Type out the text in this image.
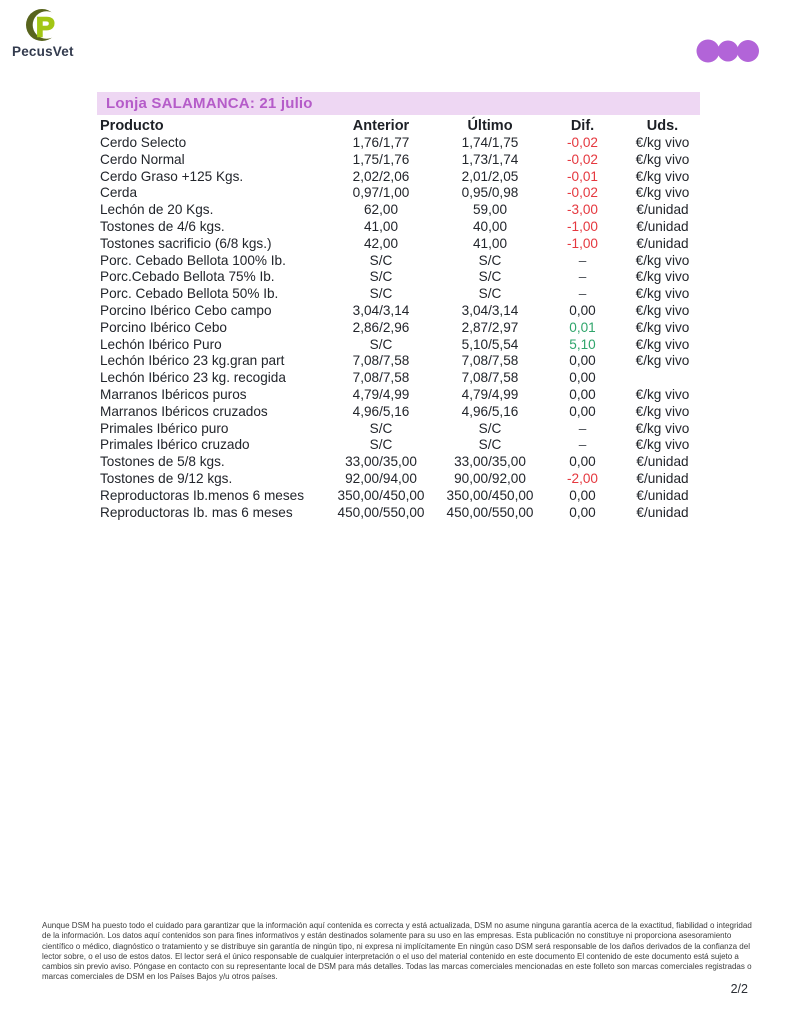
P
PecusVet
Lonja SALAMANCA: 21 julio
Producto	Anterior	Último	Dif.	Uds.
Cerdo Selecto	1,76/1,77	1,74/1,75	-0,02	€/kg vivo
Cerdo Normal	1,75/1,76	1,73/1,74	-0,02	€/kg vivo
Cerdo Graso +125 Kgs.	2,02/2,06	2,01/2,05	-0,01	€/kg vivo
Cerda	0,97/1,00	0,95/0,98	-0,02	€/kg vivo
Lechón de 20 Kgs.	62,00	59,00	-3,00	€/unidad
Tostones de 4/6 kgs.	41,00	40,00	-1,00	€/unidad
Tostones sacrificio (6/8 kgs.)	42,00	41,00	-1,00	€/unidad
Porc. Cebado Bellota 100% Ib.	S/C	S/C	–	€/kg vivo
Porc.Cebado Bellota 75% Ib.	S/C	S/C	–	€/kg vivo
Porc. Cebado Bellota 50% Ib.	S/C	S/C	–	€/kg vivo
Porcino Ibérico Cebo campo	3,04/3,14	3,04/3,14	0,00	€/kg vivo
Porcino Ibérico Cebo	2,86/2,96	2,87/2,97	0,01	€/kg vivo
Lechón Ibérico Puro	S/C	5,10/5,54	5,10	€/kg vivo
Lechón Ibérico 23 kg.gran part	7,08/7,58	7,08/7,58	0,00	€/kg vivo
Lechón Ibérico 23 kg. recogida	7,08/7,58	7,08/7,58	0,00
Marranos Ibéricos puros	4,79/4,99	4,79/4,99	0,00	€/kg vivo
Marranos Ibéricos cruzados	4,96/5,16	4,96/5,16	0,00	€/kg vivo
Primales Ibérico puro	S/C	S/C	–	€/kg vivo
Primales Ibérico cruzado	S/C	S/C	–	€/kg vivo
Tostones de 5/8 kgs.	33,00/35,00	33,00/35,00	0,00	€/unidad
Tostones de 9/12 kgs.	92,00/94,00	90,00/92,00	-2,00	€/unidad
Reproductoras Ib.menos 6 meses	350,00/450,00	350,00/450,00	0,00	€/unidad
Reproductoras Ib. mas 6 meses	450,00/550,00	450,00/550,00	0,00	€/unidad

Aunque DSM ha puesto todo el cuidado para garantizar que la información aquí contenida es correcta y está actualizada, DSM no asume ninguna garantía acerca de la exactitud, fiabilidad o integridad de la información. Los datos aquí contenidos son para fines informativos y están destinados solamente para su uso en las empresas. Esta publicación no constituye ni proporciona asesoramiento científico o médico, diagnóstico o tratamiento y se distribuye sin garantía de ningún tipo, ni expresa ni implícitamente En ningún caso DSM será responsable de los daños derivados de la confianza del lector sobre, o el uso de estos datos. El lector será el único responsable de cualquier interpretación o el uso del material contenido en este documento El contenido de este documento está sujeto a cambios sin previo aviso. Póngase en contacto con su representante local de DSM para más detalles. Todas las marcas comerciales mencionadas en este folleto son marcas comerciales registradas o marcas comerciales de DSM en los Países Bajos y/u otros países.

2/2
